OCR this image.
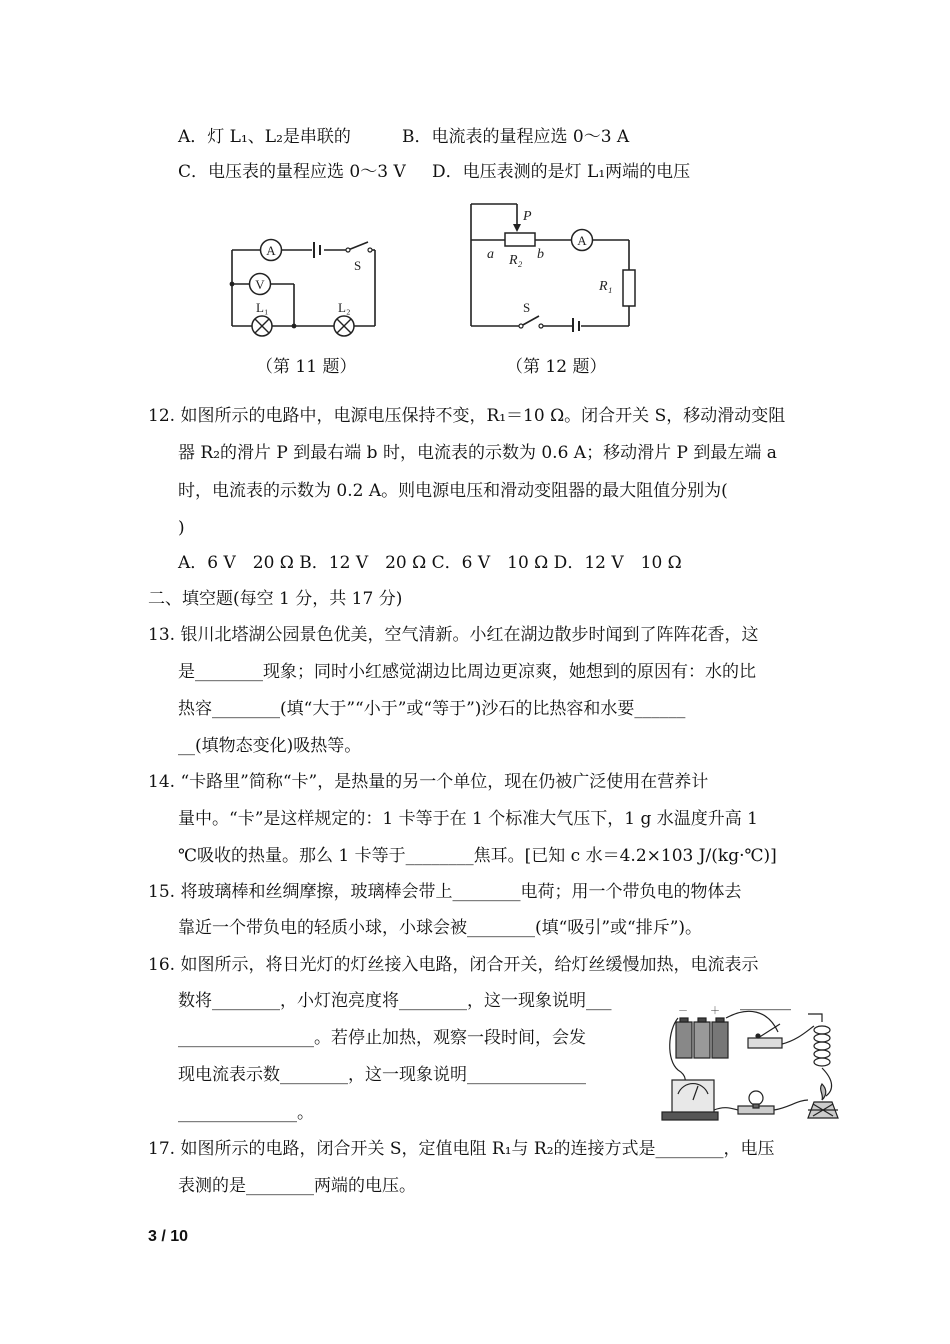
A．灯 L₁、L₂是串联的	B．电流表的量程应选 0～3 A
C．电压表的量程应选 0～3 V D．电压表测的是灯 L₁两端的电压
A
V
S
L₁	L₂
（第 11 题）
A
P
a R₂ b
R₁
S
（第 12 题）
12. 如图所示的电路中，电源电压保持不变，R₁＝10 Ω。闭合开关 S，移动滑动变阻
器 R₂的滑片 P 到最右端 b 时，电流表的示数为 0.6 A；移动滑片 P 到最左端 a
时，电流表的示数为 0.2 A。则电源电压和滑动变阻器的最大阻值分别为(
)
A．6 V　20 Ω B．12 V　20 Ω C．6 V　10 Ω D．12 V　10 Ω
二、填空题(每空 1 分，共 17 分)
13. 银川北塔湖公园景色优美，空气清新。小红在湖边散步时闻到了阵阵花香，这
是________现象；同时小红感觉湖边比周边更凉爽，她想到的原因有：水的比
热容________(填“大于”“小于”或“等于”)沙石的比热容和水要______
__(填物态变化)吸热等。
14. “卡路里”简称“卡”，是热量的另一个单位，现在仍被广泛使用在营养计
量中。“卡”是这样规定的：1 卡等于在 1 个标准大气压下，1 g 水温度升高 1
℃吸收的热量。那么 1 卡等于________焦耳。[已知 c 水＝4.2×103 J/(kg·℃)]
15. 将玻璃棒和丝绸摩擦，玻璃棒会带上________电荷；用一个带负电的物体去
靠近一个带负电的轻质小球，小球会被________(填“吸引”或“排斥”)。
16. 如图所示，将日光灯的灯丝接入电路，闭合开关，给灯丝缓慢加热，电流表示
数将________，小灯泡亮度将________，这一现象说明___	______
________________。若停止加热，观察一段时间，会发
现电流表示数________，这一现象说明______________
______________。
－ ＋
17. 如图所示的电路，闭合开关 S，定值电阻 R₁与 R₂的连接方式是________，电压
表测的是________两端的电压。
3 / 10
